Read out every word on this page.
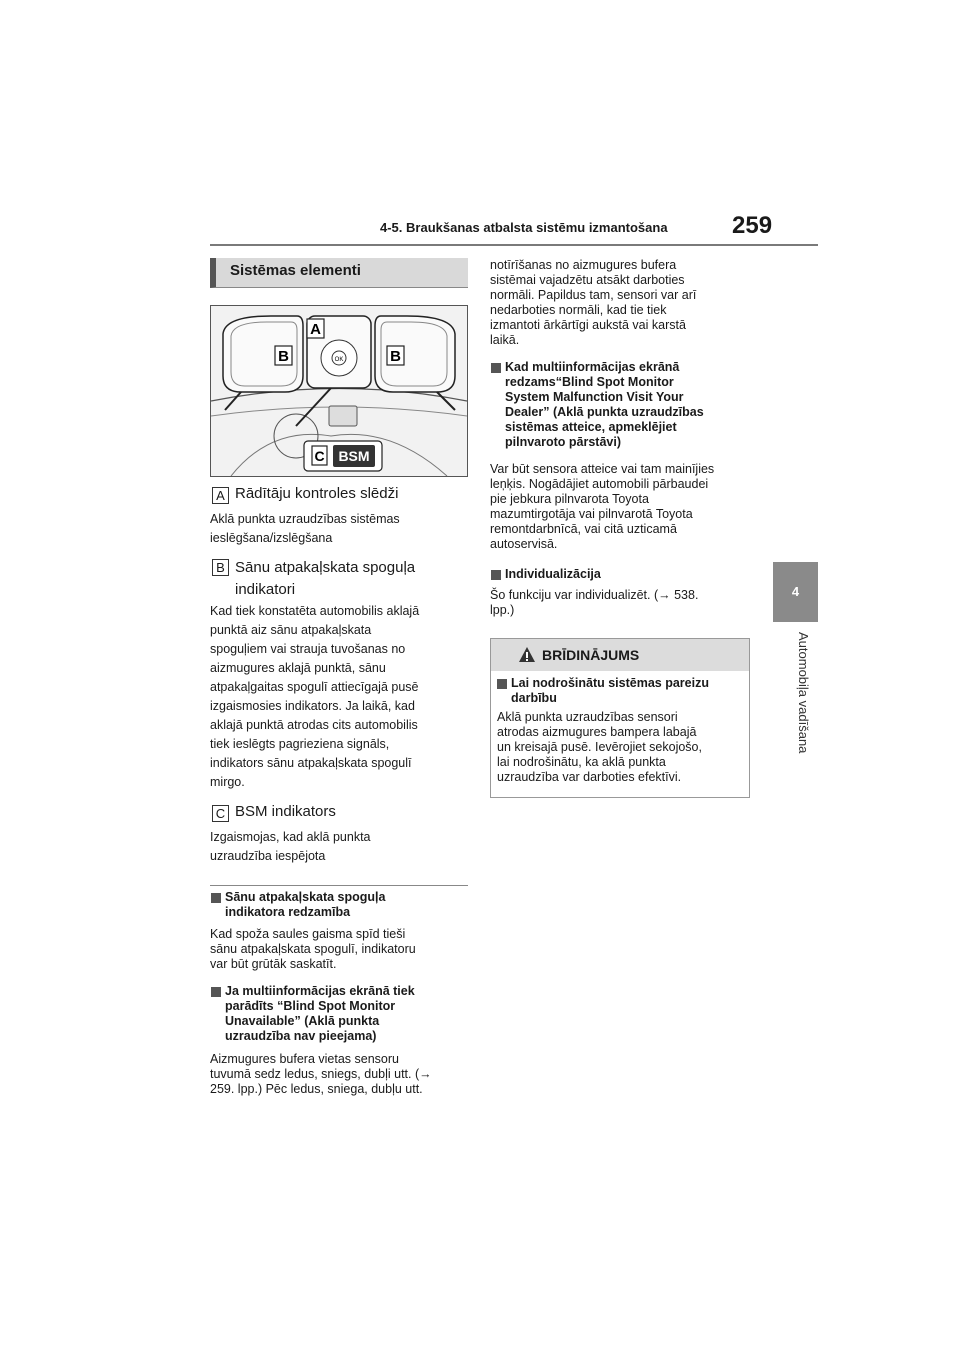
4-5. Braukšanas atbalsta sistēmu izmantošana	259
4
Automobiļa vadīšana
Sistēmas elementi
OK
A
B	B
C BSM
A Rādītāju kontroles slēdži
Aklā punkta uzraudzības sistēmas
ieslēgšana/izslēgšana
B Sānu atpakaļskata spoguļa
indikatori
Kad tiek konstatēta automobilis aklajā
punktā aiz sānu atpakaļskata
spoguļiem vai strauja tuvošanas no
aizmugures aklajā punktā, sānu
atpakaļgaitas spogulī attiecīgajā pusē
izgaismosies indikators. Ja laikā, kad
aklajā punktā atrodas cits automobilis
tiek ieslēgts pagrieziena signāls,
indikators sānu atpakaļskata spogulī
mirgo.
C BSM indikators
Izgaismojas, kad aklā punkta
uzraudzība iespējota
Sānu atpakaļskata spoguļa
indikatora redzamība
Kad spoža saules gaisma spīd tieši
sānu atpakaļskata spogulī, indikatoru
var būt grūtāk saskatīt.
Ja multiinformācijas ekrānā tiek
parādīts “Blind Spot Monitor
Unavailable” (Aklā punkta
uzraudzība nav pieejama)
Aizmugures bufera vietas sensoru
tuvumā sedz ledus, sniegs, dubļi utt. (→
259. lpp.) Pēc ledus, sniega, dubļu utt.
notīrīšanas no aizmugures bufera
sistēmai vajadzētu atsākt darboties
normāli. Papildus tam, sensori var arī
nedarboties normāli, kad tie tiek
izmantoti ārkārtīgi aukstā vai karstā
laikā.
Kad multiinformācijas ekrānā
redzams“Blind Spot Monitor
System Malfunction Visit Your
Dealer” (Aklā punkta uzraudzības
sistēmas atteice, apmeklējiet
pilnvaroto pārstāvi)
Var būt sensora atteice vai tam mainījies
leņķis. Nogādājiet automobili pārbaudei
pie jebkura pilnvarota Toyota
mazumtirgotāja vai pilnvarotā Toyota
remontdarbnīcā, vai citā uzticamā
autoservisā.
Individualizācija
Šo funkciju var individualizēt. (→ 538.
lpp.)
BRĪDINĀJUMS
Lai nodrošinātu sistēmas pareizu
darbību
Aklā punkta uzraudzības sensori
atrodas aizmugures bampera labajā
un kreisajā pusē. Ievērojiet sekojošo,
lai nodrošinātu, ka aklā punkta
uzraudzība var darboties efektīvi.
